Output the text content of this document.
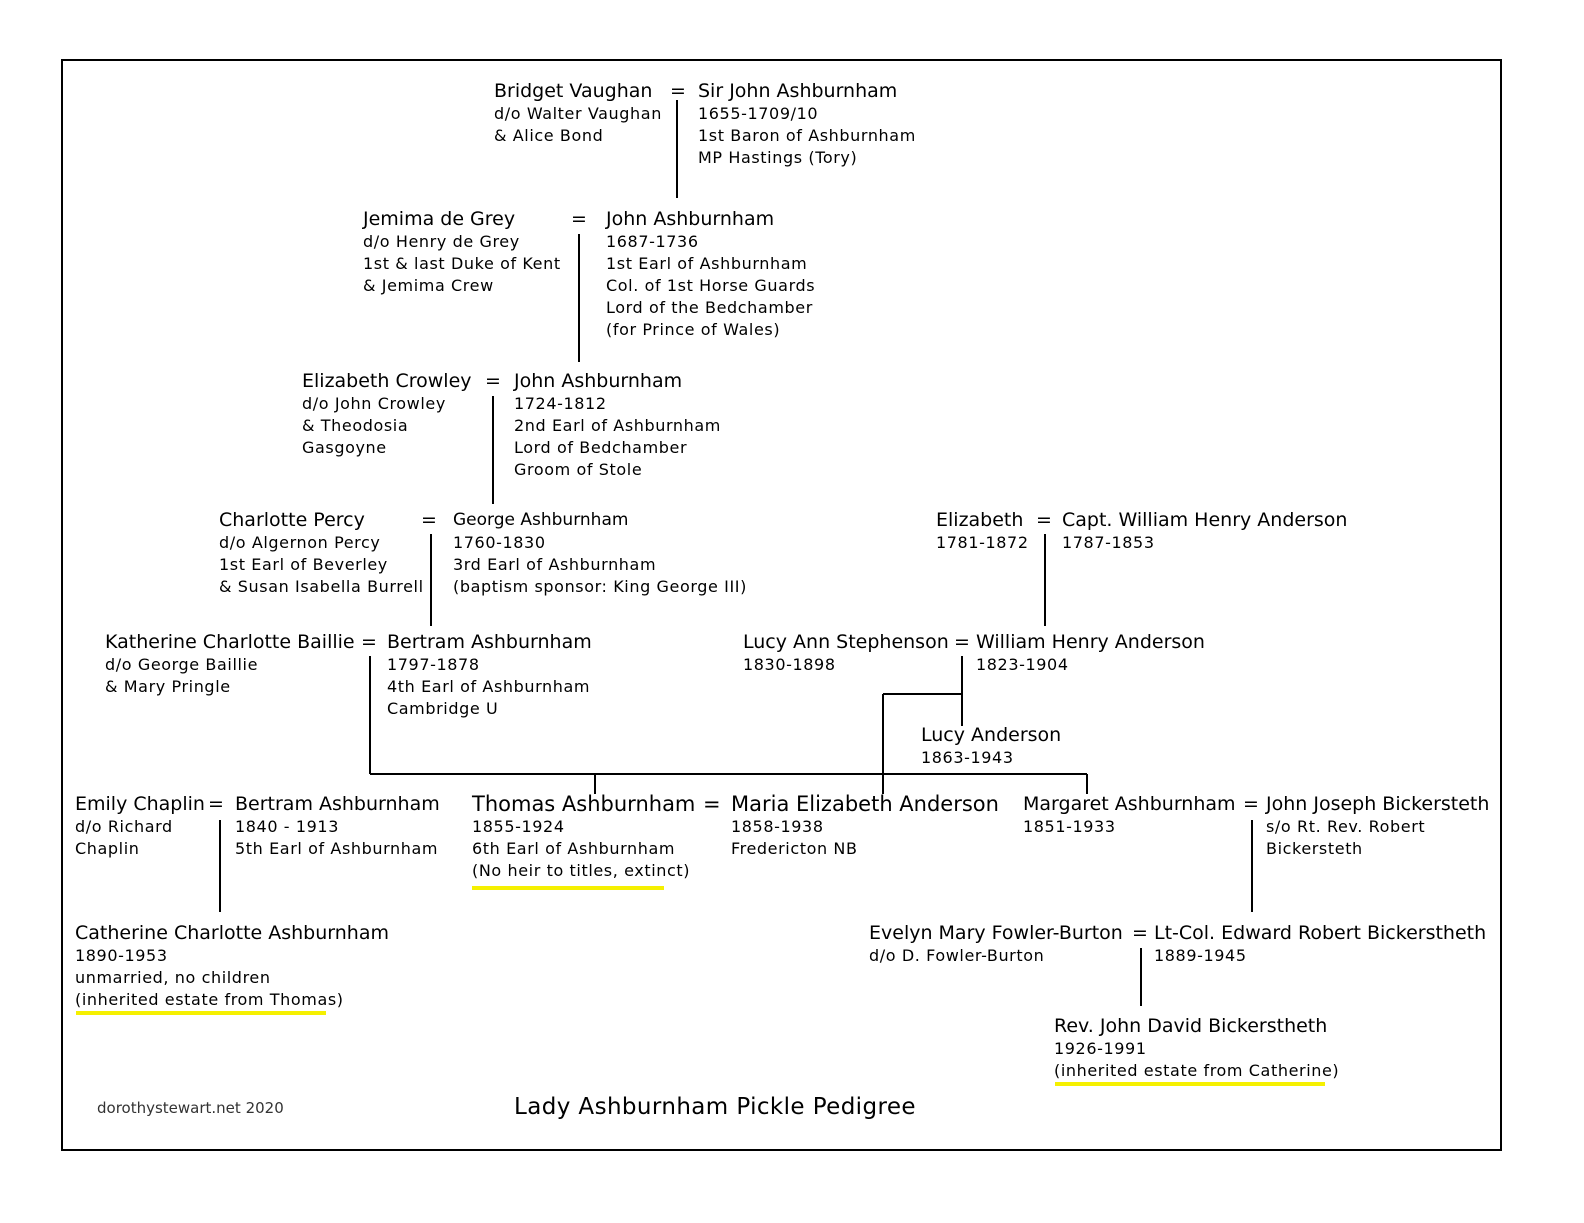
Bridget Vaughan
d/o Walter Vaughan
& Alice Bond
= Sir John Ashburnham
1655-1709/10
1st Baron of Ashburnham
MP Hastings (Tory)
Jemima de Grey
d/o Henry de Grey
1st & last Duke of Kent
& Jemima Crew
= John Ashburnham
1687-1736
1st Earl of Ashburnham
Col. of 1st Horse Guards
Lord of the Bedchamber
(for Prince of Wales)
Elizabeth Crowley
d/o John Crowley
& Theodosia
Gasgoyne
= John Ashburnham
1724-1812
2nd Earl of Ashburnham
Lord of Bedchamber
Groom of Stole
Charlotte Percy
d/o Algernon Percy
1st Earl of Beverley
& Susan Isabella Burrell
= George Ashburnham
1760-1830
3rd Earl of Ashburnham
(baptism sponsor: King George III)
Elizabeth
1781-1872
= Capt. William Henry Anderson
1787-1853
Katherine Charlotte Baillie
d/o George Baillie
& Mary Pringle
= Bertram Ashburnham
1797-1878
4th Earl of Ashburnham
Cambridge U
Lucy Ann Stephenson
1830-1898
= William Henry Anderson
1823-1904
Lucy Anderson
1863-1943
Emily Chaplin
d/o Richard
Chaplin
= Bertram Ashburnham
1840 - 1913
5th Earl of Ashburnham
Thomas Ashburnham
1855-1924
6th Earl of Ashburnham
(No heir to titles, extinct)
= Maria Elizabeth Anderson
1858-1938
Fredericton NB
Margaret Ashburnham
1851-1933
= John Joseph Bickersteth
s/o Rt. Rev. Robert
Bickersteth
Catherine Charlotte Ashburnham
1890-1953
unmarried, no children
(inherited estate from Thomas)
Evelyn Mary Fowler-Burton
d/o D. Fowler-Burton
= Lt-Col. Edward Robert Bickerstheth
1889-1945
Rev. John David Bickerstheth
1926-1991
(inherited estate from Catherine)
dorothystewart.net 2020	Lady Ashburnham Pickle Pedigree
